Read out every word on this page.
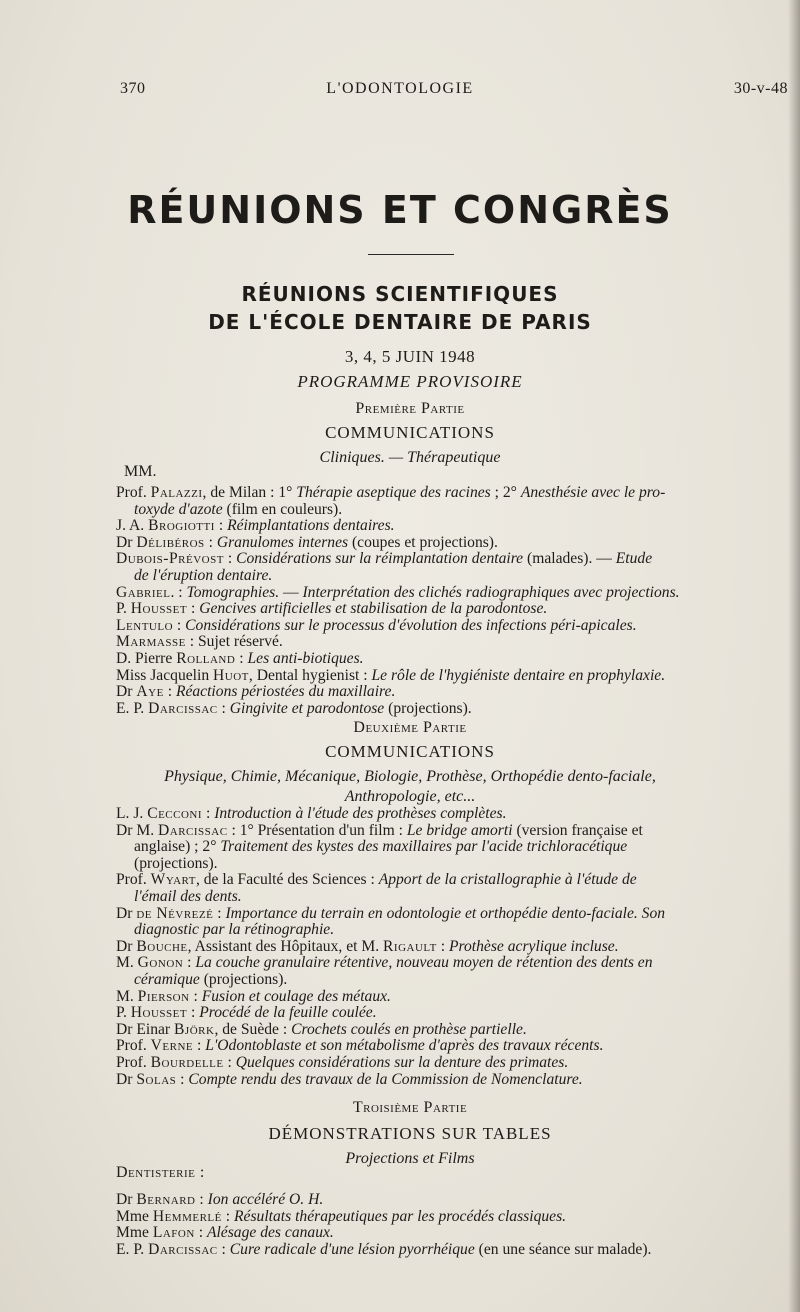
370	L'ODONTOLOGIE	30-v-48
RÉUNIONS ET CONGRÈS
RÉUNIONS SCIENTIFIQUES
DE L'ÉCOLE DENTAIRE DE PARIS
3, 4, 5 JUIN 1948
PROGRAMME PROVISOIRE
Première Partie
COMMUNICATIONS
Cliniques. — Thérapeutique
MM.
Prof. Palazzi, de Milan : 1° Thérapie aseptique des racines ; 2° Anesthésie avec le pro-
toxyde d'azote (film en couleurs).
J. A. Brogiotti : Réimplantations dentaires.
Dr Délibéros : Granulomes internes (coupes et projections).
Dubois-Prévost : Considérations sur la réimplantation dentaire (malades). — Etude
de l'éruption dentaire.
Gabriel. : Tomographies. — Interprétation des clichés radiographiques avec projections.
P. Housset : Gencives artificielles et stabilisation de la parodontose.
Lentulo : Considérations sur le processus d'évolution des infections péri-apicales.
Marmasse : Sujet réservé.
D. Pierre Rolland : Les anti-biotiques.
Miss Jacquelin Huot, Dental hygienist : Le rôle de l'hygiéniste dentaire en prophylaxie.
Dr Aye : Réactions périostées du maxillaire.
E. P. Darcissac : Gingivite et parodontose (projections).
Deuxième Partie
COMMUNICATIONS
Physique, Chimie, Mécanique, Biologie, Prothèse, Orthopédie dento-faciale,
Anthropologie, etc...
L. J. Cecconi : Introduction à l'étude des prothèses complètes.
Dr M. Darcissac : 1° Présentation d'un film : Le bridge amorti (version française et
anglaise) ; 2° Traitement des kystes des maxillaires par l'acide trichloracétique
(projections).
Prof. Wyart, de la Faculté des Sciences : Apport de la cristallographie à l'étude de
l'émail des dents.
Dr de Névrezé : Importance du terrain en odontologie et orthopédie dento-faciale. Son
diagnostic par la rétinographie.
Dr Bouche, Assistant des Hôpitaux, et M. Rigault : Prothèse acrylique incluse.
M. Gonon : La couche granulaire rétentive, nouveau moyen de rétention des dents en
céramique (projections).
M. Pierson : Fusion et coulage des métaux.
P. Housset : Procédé de la feuille coulée.
Dr Einar Björk, de Suède : Crochets coulés en prothèse partielle.
Prof. Verne : L'Odontoblaste et son métabolisme d'après des travaux récents.
Prof. Bourdelle : Quelques considérations sur la denture des primates.
Dr Solas : Compte rendu des travaux de la Commission de Nomenclature.
Troisième Partie
DÉMONSTRATIONS SUR TABLES
Projections et Films
Dentisterie :
Dr Bernard : Ion accéléré O. H.
Mme Hemmerlé : Résultats thérapeutiques par les procédés classiques.
Mme Lafon : Alésage des canaux.
E. P. Darcissac : Cure radicale d'une lésion pyorrhéique (en une séance sur malade).
